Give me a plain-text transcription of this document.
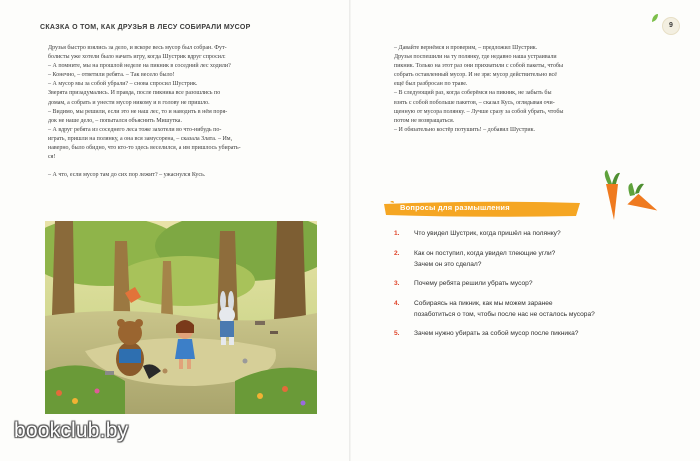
СКАЗКА О ТОМ, КАК ДРУЗЬЯ В ЛЕСУ СОБИРАЛИ МУСОР	9
Друзья быстро взялись за дело, и вскоре весь мусор был собран. Фут-
болисты уже хотели было начать игру, когда Шустрик вдруг спросил:
– А помните, мы на прошлой неделе на пикник в соседний лес ходили?
– Конечно, – ответили ребята. – Так весело было!
– А мусор мы за собой убрали? – снова спросил Шустрик.
Зверята призадумались. И правда, после пикника все разошлись по
домам, а собрать и унести мусор никому и в голову не пришло.
– Видимо, мы решили, если это не наш лес, то и наводить в нём поря-
док не наше дело, – попытался объяснить Мишутка.
– А вдруг ребята из соседнего леса тоже захотели во что-нибудь по-
играть, пришли на полянку, а она вся замусорена, – сказала Злата. – Им,
наверно, было обидно, что кто-то здесь веселился, а им пришлось убирать-
ся!
– А что, если мусор там до сих пор лежит? – ужаснулся Кусь.
– Давайте вернёмся и проверим, – предложил Шустрик.
Друзья поспешили на ту полянку, где недавно наша устраивали
пикник. Только на этот раз они прихватили с собой пакеты, чтобы
собрать оставленный мусор. И не зря: мусор действительно всё
ещё был разбросан по траве.
– В следующий раз, когда соберёмся на пикник, не забыть бы
взять с собой побольше пакетов, – сказал Кусь, оглядывая очи-
щенную от мусора полянку. – Лучше сразу за собой убрать, чтобы
потом не возвращаться.
– И обязательно костёр потушить! – добавил Шустрик.
Вопросы для размышления
1. Что увидел Шустрик, когда пришёл на полянку?
2. Как он поступил, когда увидел тлеющие угли?
Зачем он это сделал?
3. Почему ребята решили убрать мусор?
4. Собираясь на пикник, как мы можем заранее
позаботиться о том, чтобы после нас не осталось мусора?
5. Зачем нужно убирать за собой мусор после пикника?
bookclub.by
